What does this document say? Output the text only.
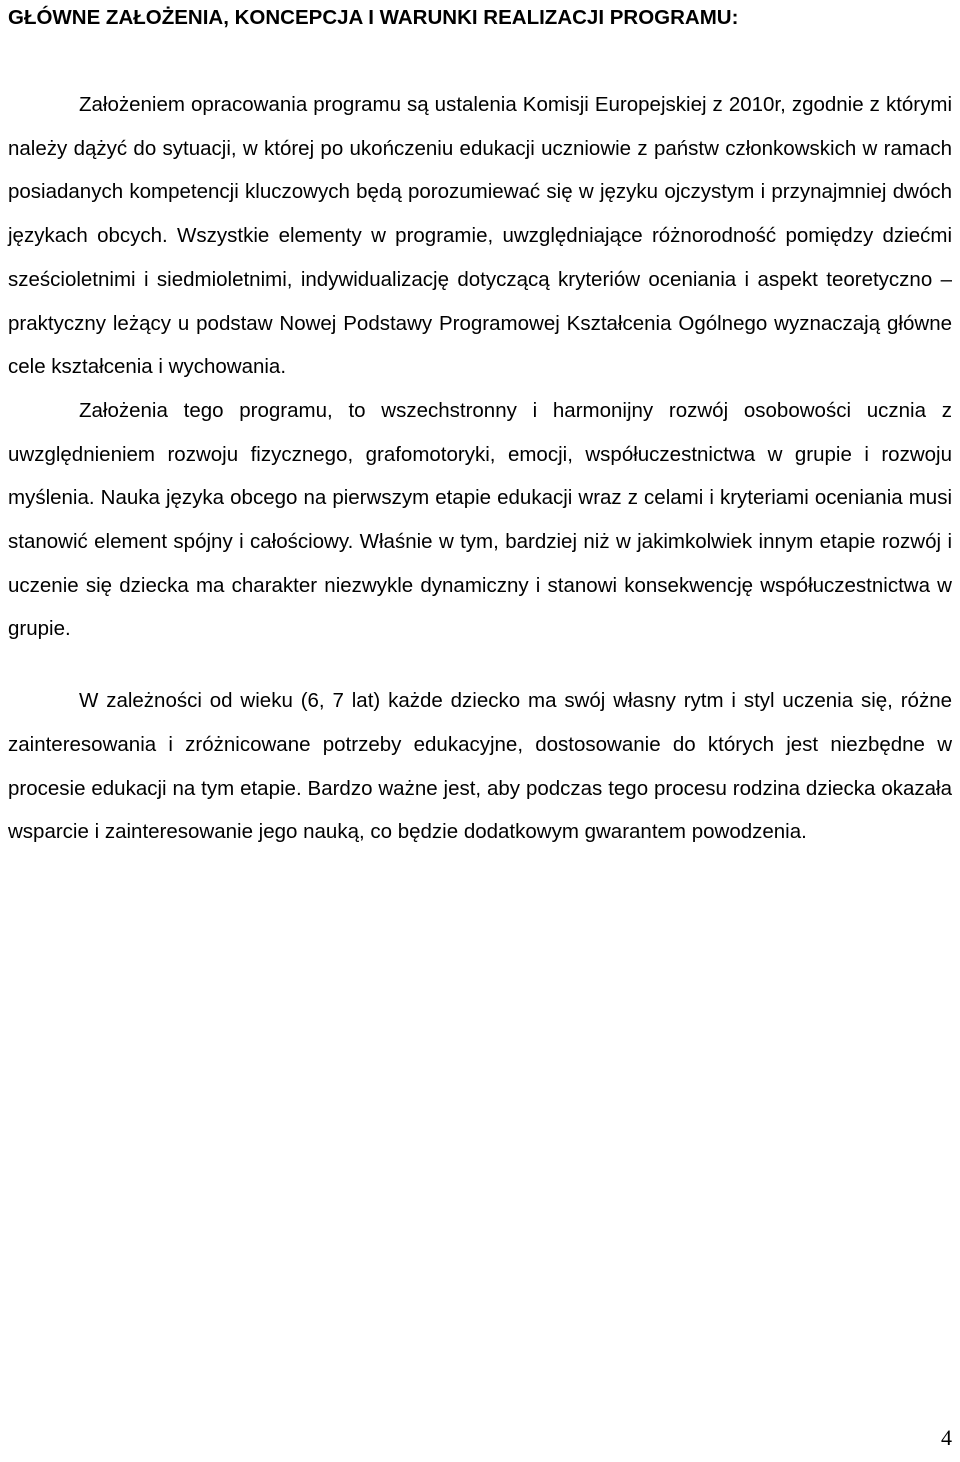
GŁÓWNE ZAŁOŻENIA, KONCEPCJA I WARUNKI REALIZACJI PROGRAMU:

Założeniem opracowania programu są ustalenia Komisji Europejskiej z 2010r, zgodnie z którymi należy dążyć do sytuacji, w której po ukończeniu edukacji uczniowie z państw członkowskich w ramach posiadanych kompetencji kluczowych będą porozumiewać się w języku ojczystym i przynajmniej dwóch językach obcych. Wszystkie elementy w programie, uwzględniające różnorodność pomiędzy dziećmi sześcioletnimi i siedmioletnimi, indywidualizację dotyczącą kryteriów oceniania i aspekt teoretyczno – praktyczny leżący u podstaw Nowej Podstawy Programowej Kształcenia Ogólnego wyznaczają główne cele kształcenia i wychowania.

Założenia tego programu, to wszechstronny i harmonijny rozwój osobowości ucznia z uwzględnieniem rozwoju fizycznego, grafomotoryki, emocji, współuczestnictwa w grupie i rozwoju myślenia. Nauka języka obcego na pierwszym etapie edukacji wraz z celami i kryteriami oceniania musi stanowić element spójny i całościowy. Właśnie w tym, bardziej niż w jakimkolwiek innym etapie rozwój i uczenie się dziecka ma charakter niezwykle dynamiczny i stanowi konsekwencję współuczestnictwa w grupie.

W zależności od wieku (6, 7 lat) każde dziecko ma swój własny rytm i styl uczenia się, różne zainteresowania i zróżnicowane potrzeby edukacyjne, dostosowanie do których jest niezbędne w procesie edukacji na tym etapie. Bardzo ważne jest, aby podczas tego procesu rodzina dziecka okazała wsparcie i zainteresowanie jego nauką, co będzie dodatkowym gwarantem powodzenia.

4
